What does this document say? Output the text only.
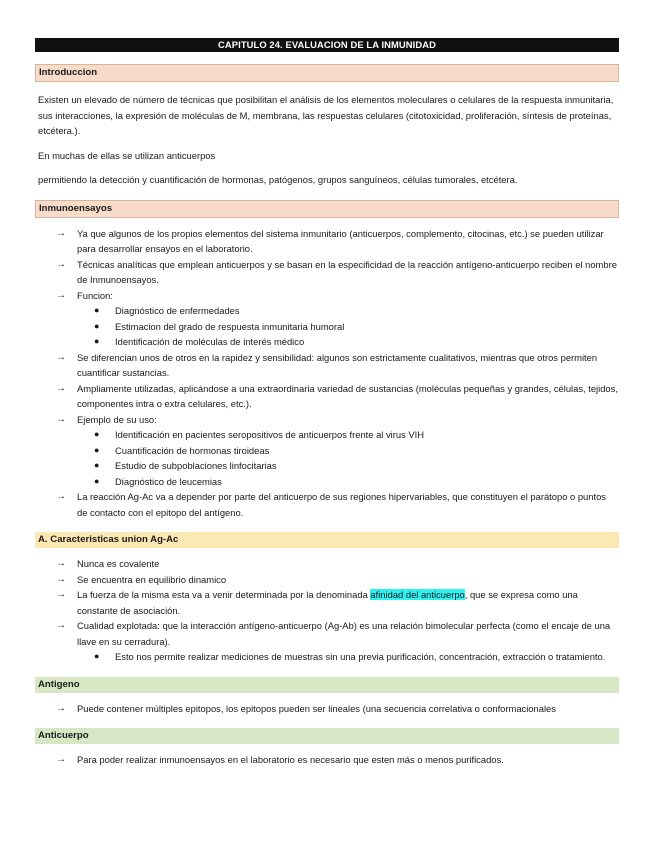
CAPITULO 24. EVALUACION DE LA INMUNIDAD
Introduccion

Existen un elevado de número de técnicas que posibilitan el análisis de los elementos moleculares o celulares de la respuesta inmunitaria, sus interacciones, la expresión de moléculas de M, membrana, las respuestas celulares (citotoxicidad, proliferación, síntesis de proteínas, etcétera.).

En muchas de ellas se utilizan anticuerpos

permitiendo la detección y cuantificación de hormonas, patógenos, grupos sanguíneos, células tumorales, etcétera.

Inmunoensayos
→ Ya que algunos de los propios elementos del sistema inmunitario (anticuerpos, complemento, citocinas, etc.) se pueden utilizar para desarrollar ensayos en el laboratorio.
→ Técnicas analíticas que emplean anticuerpos y se basan en la especificidad de la reacción antígeno-anticuerpo reciben el nombre de Inmunoensayos.
→ Funcion:
● Diagnóstico de enfermedades
● Estimacion del grado de respuesta inmunitaria humoral
● Identificación de moléculas de interés médico
→ Se diferencian unos de otros en la rapidez y sensibilidad: algunos son estrictamente cualitativos, mientras que otros permiten cuantificar sustancias.
→ Ampliamente utilizadas, aplicándose a una extraordinaria variedad de sustancias (moléculas pequeñas y grandes, células, tejidos, componentes intra o extra celulares, etc.).
→ Ejemplo de su uso:
● Identificación en pacientes seropositivos de anticuerpos frente al virus VIH
● Cuantificación de hormonas tiroideas
● Estudio de subpoblaciones linfocitarias
● Diagnóstico de leucemias
→ La reacción Ag-Ac va a depender por parte del anticuerpo de sus regiones hipervariables, que constituyen el parátopo o puntos de contacto con el epitopo del antígeno.
A. Caracteristicas union Ag-Ac
→ Nunca es covalente
→ Se encuentra en equilibrio dinamico
→ La fuerza de la misma esta va a venir determinada por la denominada afinidad del anticuerpo, que se expresa como una constante de asociación.
→ Cualidad explotada: que la interacción antígeno-anticuerpo (Ag-Ab) es una relación bimolecular perfecta (como el encaje de una llave en su cerradura).
● Esto nos permite realizar mediciones de muestras sin una previa purificación, concentración, extracción o tratamiento.
Antigeno
→ Puede contener múltiples epitopos, los epitopos pueden ser lineales (una secuencia correlativa o conformacionales
Anticuerpo
→ Para poder realizar inmunoensayos en el laboratorio es necesario que esten más o menos purificados.
